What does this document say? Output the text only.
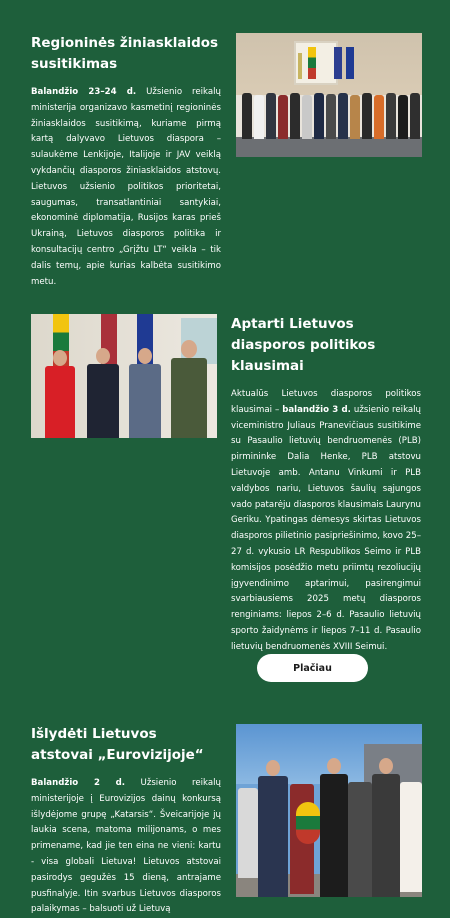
Regioninės žiniasklaidos susitikimas
Balandžio 23–24 d. Užsienio reikalų ministerija organizavo kasmetinį regioninės žiniasklaidos susitikimą, kuriame pirmą kartą dalyvavo Lietuvos diaspora – sulaukėme Lenkijoje, Italijoje ir JAV veiklą vykdančių diasporos žiniasklaidos atstovų. Lietuvos užsienio politikos prioritetai, saugumas, transatlantiniai santykiai, ekonominė diplomatija, Rusijos karas prieš Ukrainą, Lietuvos diasporos politika ir konsultacijų centro „Grįžtu LT“ veikla – tik dalis temų, apie kurias kalbėta susitikimo metu.
Aptarti Lietuvos diasporos politikos klausimai
Aktualūs Lietuvos diasporos politikos klausimai – balandžio 3 d. užsienio reikalų viceministro Juliaus Pranevičiaus susitikime su Pasaulio lietuvių bendruomenės (PLB) pirmininke Dalia Henke, PLB atstovu Lietuvoje amb. Antanu Vinkumi ir PLB valdybos nariu, Lietuvos šaulių sąjungos vado patarėju diasporos klausimais Laurynu Geriku. Ypatingas dėmesys skirtas Lietuvos diasporos pilietinio pasipriešinimo, kovo 25–27 d. vykusio LR Respublikos Seimo ir PLB komisijos posėdžio metu priimtų rezoliucijų įgyvendinimo aptarimui, pasirengimui svarbiausiems 2025 metų diasporos renginiams: liepos 2–6 d. Pasaulio lietuvių sporto žaidynėms ir liepos 7–11 d. Pasaulio lietuvių bendruomenės XVIII Seimui.
Plačiau
Išlydėti Lietuvos atstovai „Eurovizijoje“
Balandžio 2 d. Užsienio reikalų ministerijoje į Eurovizijos dainų konkursą išlydėjome grupę „Katarsis“. Šveicarijoje jų laukia scena, matoma milijonams, o mes primename, kad jie ten eina ne vieni: kartu - visa globali Lietuva! Lietuvos atstovai pasirodys gegužės 15 dieną, antrajame pusfinalyje. Itin svarbus Lietuvos diasporos palaikymas – balsuoti už Lietuvą
